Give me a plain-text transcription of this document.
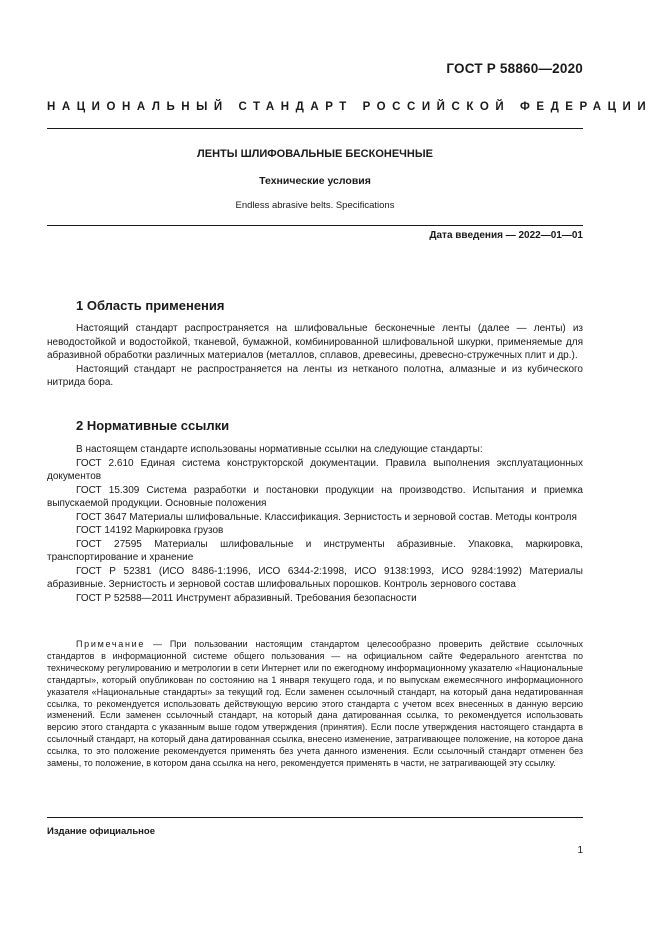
ГОСТ Р 58860—2020
НАЦИОНАЛЬНЫЙ СТАНДАРТ РОССИЙСКОЙ ФЕДЕРАЦИИ
ЛЕНТЫ ШЛИФОВАЛЬНЫЕ БЕСКОНЕЧНЫЕ
Технические условия
Endless abrasive belts. Specifications
Дата введения — 2022—01—01
1 Область применения

Настоящий стандарт распространяется на шлифовальные бесконечные ленты (далее — ленты) из неводостойкой и водостойкой, тканевой, бумажной, комбинированной шлифовальной шкурки, применяемые для абразивной обработки различных материалов (металлов, сплавов, древесины, древесно-стружечных плит и др.).

Настоящий стандарт не распространяется на ленты из нетканого полотна, алмазные и из кубического нитрида бора.

2 Нормативные ссылки

В настоящем стандарте использованы нормативные ссылки на следующие стандарты:

ГОСТ 2.610 Единая система конструкторской документации. Правила выполнения эксплуатационных документов

ГОСТ 15.309 Система разработки и постановки продукции на производство. Испытания и приемка выпускаемой продукции. Основные положения

ГОСТ 3647 Материалы шлифовальные. Классификация. Зернистость и зерновой состав. Методы контроля

ГОСТ 14192 Маркировка грузов

ГОСТ 27595 Материалы шлифовальные и инструменты абразивные. Упаковка, маркировка, транспортирование и хранение

ГОСТ Р 52381 (ИСО 8486-1:1996, ИСО 6344-2:1998, ИСО 9138:1993, ИСО 9284:1992) Материалы абразивные. Зернистость и зерновой состав шлифовальных порошков. Контроль зернового состава

ГОСТ Р 52588—2011 Инструмент абразивный. Требования безопасности

Примечание — При пользовании настоящим стандартом целесообразно проверить действие ссылочных стандартов в информационной системе общего пользования — на официальном сайте Федерального агентства по техническому регулированию и метрологии в сети Интернет или по ежегодному информационному указателю «Национальные стандарты», который опубликован по состоянию на 1 января текущего года, и по выпускам ежемесячного информационного указателя «Национальные стандарты» за текущий год. Если заменен ссылочный стандарт, на который дана недатированная ссылка, то рекомендуется использовать действующую версию этого стандарта с учетом всех внесенных в данную версию изменений. Если заменен ссылочный стандарт, на который дана датированная ссылка, то рекомендуется использовать версию этого стандарта с указанным выше годом утверждения (принятия). Если после утверждения настоящего стандарта в ссылочный стандарт, на который дана датированная ссылка, внесено изменение, затрагивающее положение, на которое дана ссылка, то это положение рекомендуется применять без учета данного изменения. Если ссылочный стандарт отменен без замены, то положение, в котором дана ссылка на него, рекомендуется применять в части, не затрагивающей эту ссылку.

Издание официальное
1
